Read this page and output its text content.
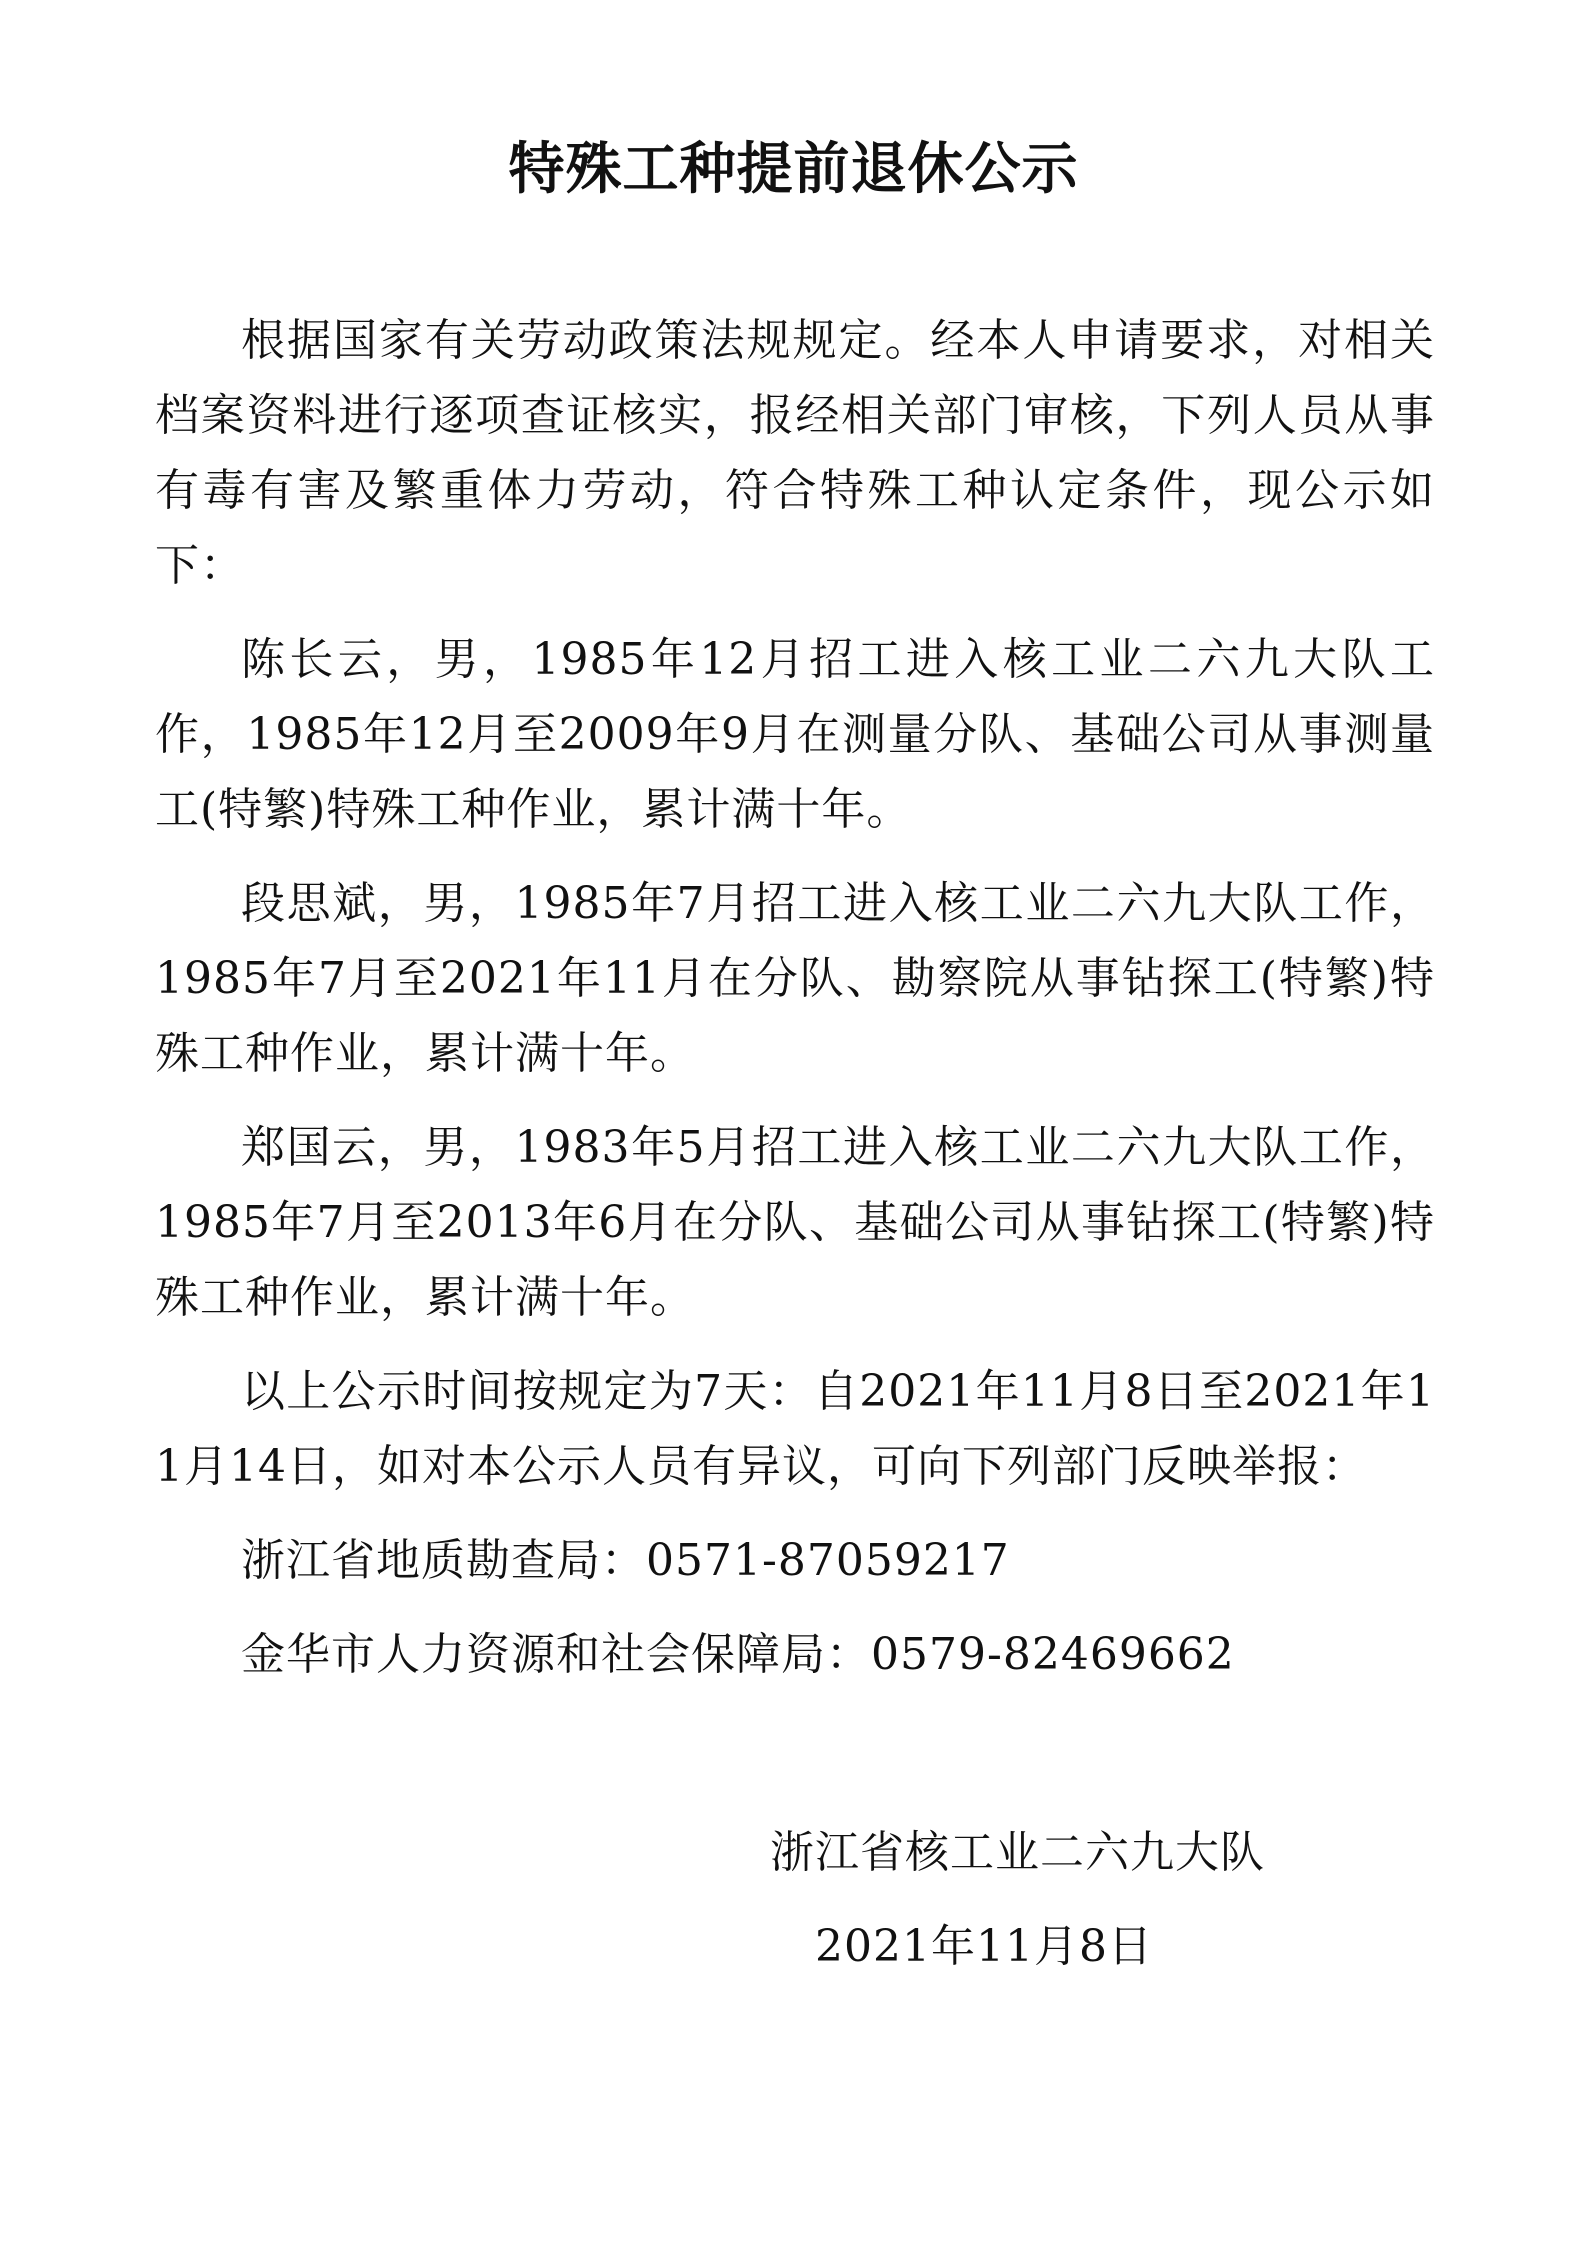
特殊工种提前退休公示

根据国家有关劳动政策法规规定。经本人申请要求，对相关档案资料进行逐项查证核实，报经相关部门审核，下列人员从事有毒有害及繁重体力劳动，符合特殊工种认定条件，现公示如下：

陈长云，男，1985年12月招工进入核工业二六九大队工作，1985年12月至2009年9月在测量分队、基础公司从事测量工(特繁)特殊工种作业，累计满十年。

段思斌，男，1985年7月招工进入核工业二六九大队工作，1985年7月至2021年11月在分队、勘察院从事钻探工(特繁)特殊工种作业，累计满十年。

郑国云，男，1983年5月招工进入核工业二六九大队工作，1985年7月至2013年6月在分队、基础公司从事钻探工(特繁)特殊工种作业，累计满十年。

以上公示时间按规定为7天：自2021年11月8日至2021年11月14日，如对本公示人员有异议，可向下列部门反映举报：

浙江省地质勘查局：0571-87059217

金华市人力资源和社会保障局：0579-82469662

浙江省核工业二六九大队
2021年11月8日
